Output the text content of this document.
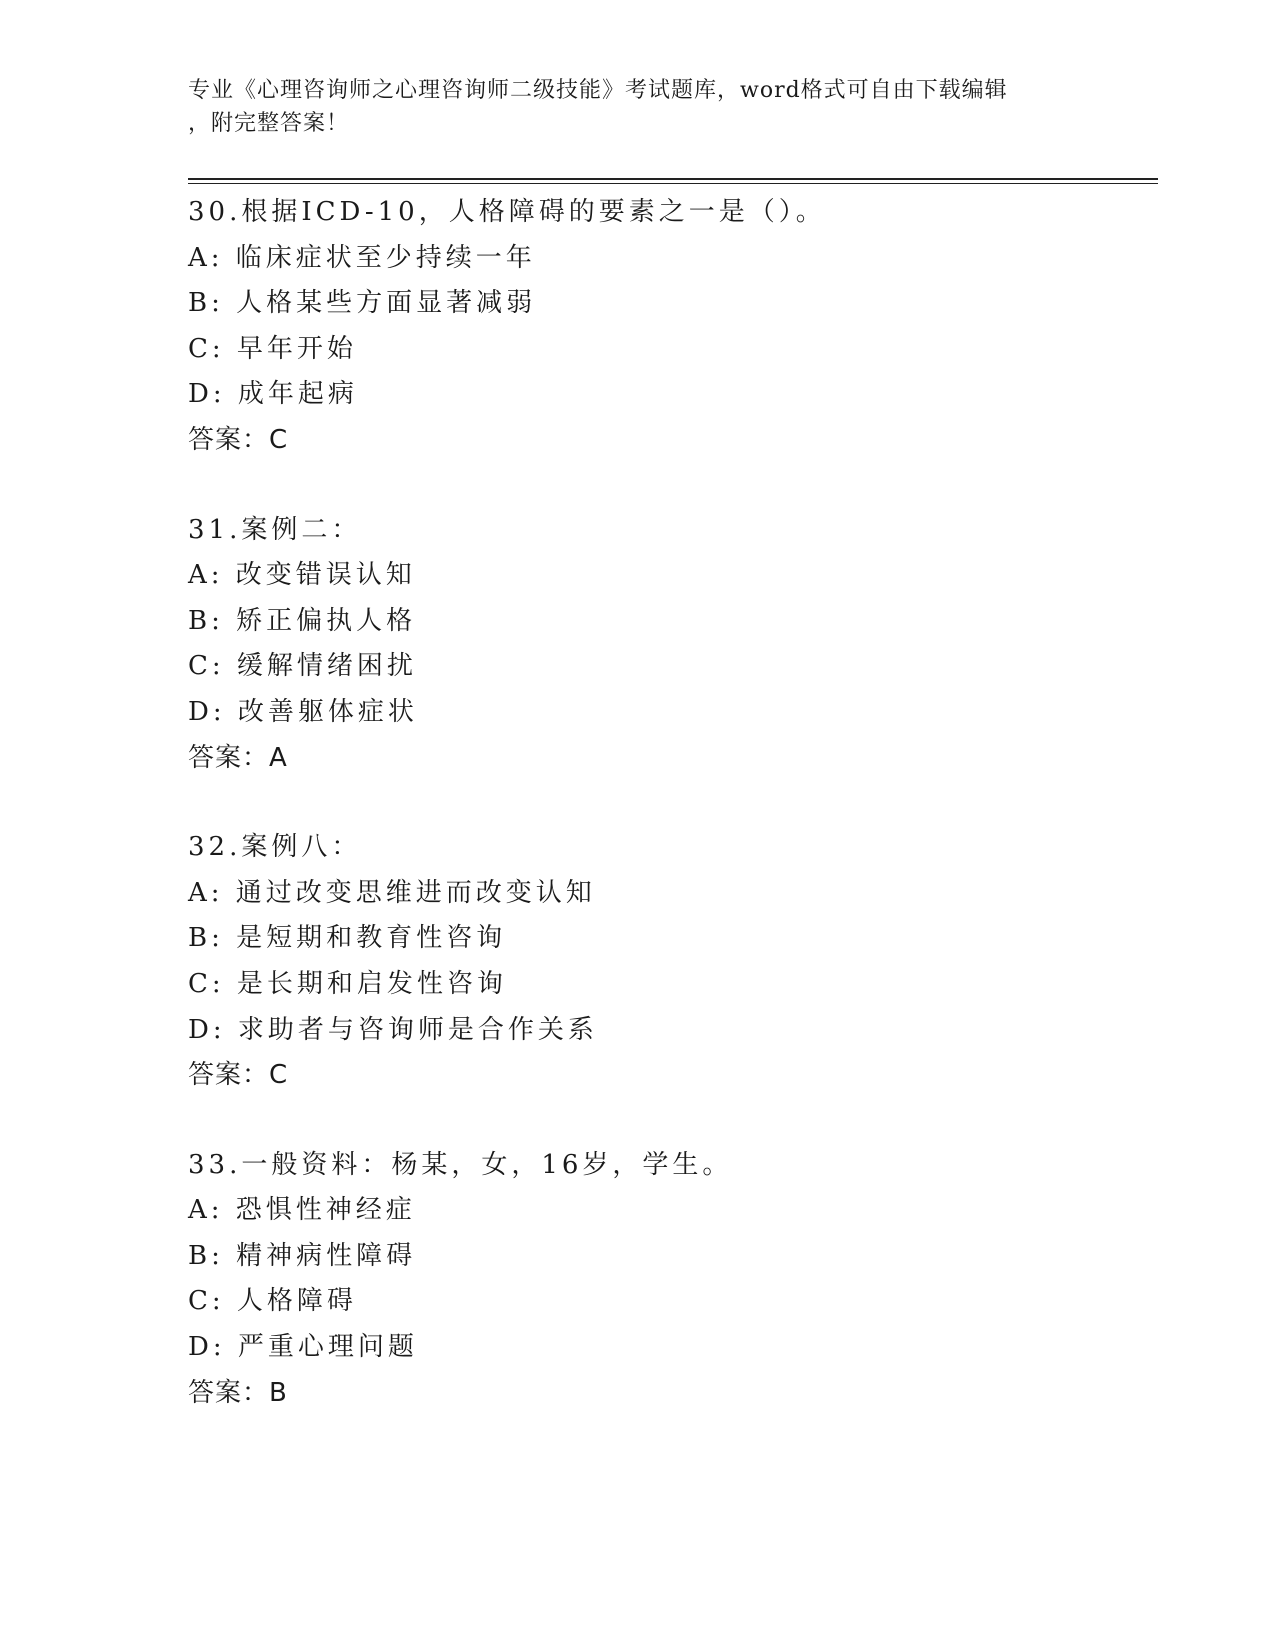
专业《心理咨询师之心理咨询师二级技能》考试题库，word格式可自由下载编辑
，附完整答案！
30.根据ICD-10，人格障碍的要素之一是（）。
A: 临床症状至少持续一年
B: 人格某些方面显著减弱
C: 早年开始
D: 成年起病
答案：C
31.案例二：
A: 改变错误认知
B: 矫正偏执人格
C: 缓解情绪困扰
D: 改善躯体症状
答案：A
32.案例八：
A: 通过改变思维进而改变认知
B: 是短期和教育性咨询
C: 是长期和启发性咨询
D: 求助者与咨询师是合作关系
答案：C
33.一般资料：杨某，女，16岁，学生。
A: 恐惧性神经症
B: 精神病性障碍
C: 人格障碍
D: 严重心理问题
答案：B
